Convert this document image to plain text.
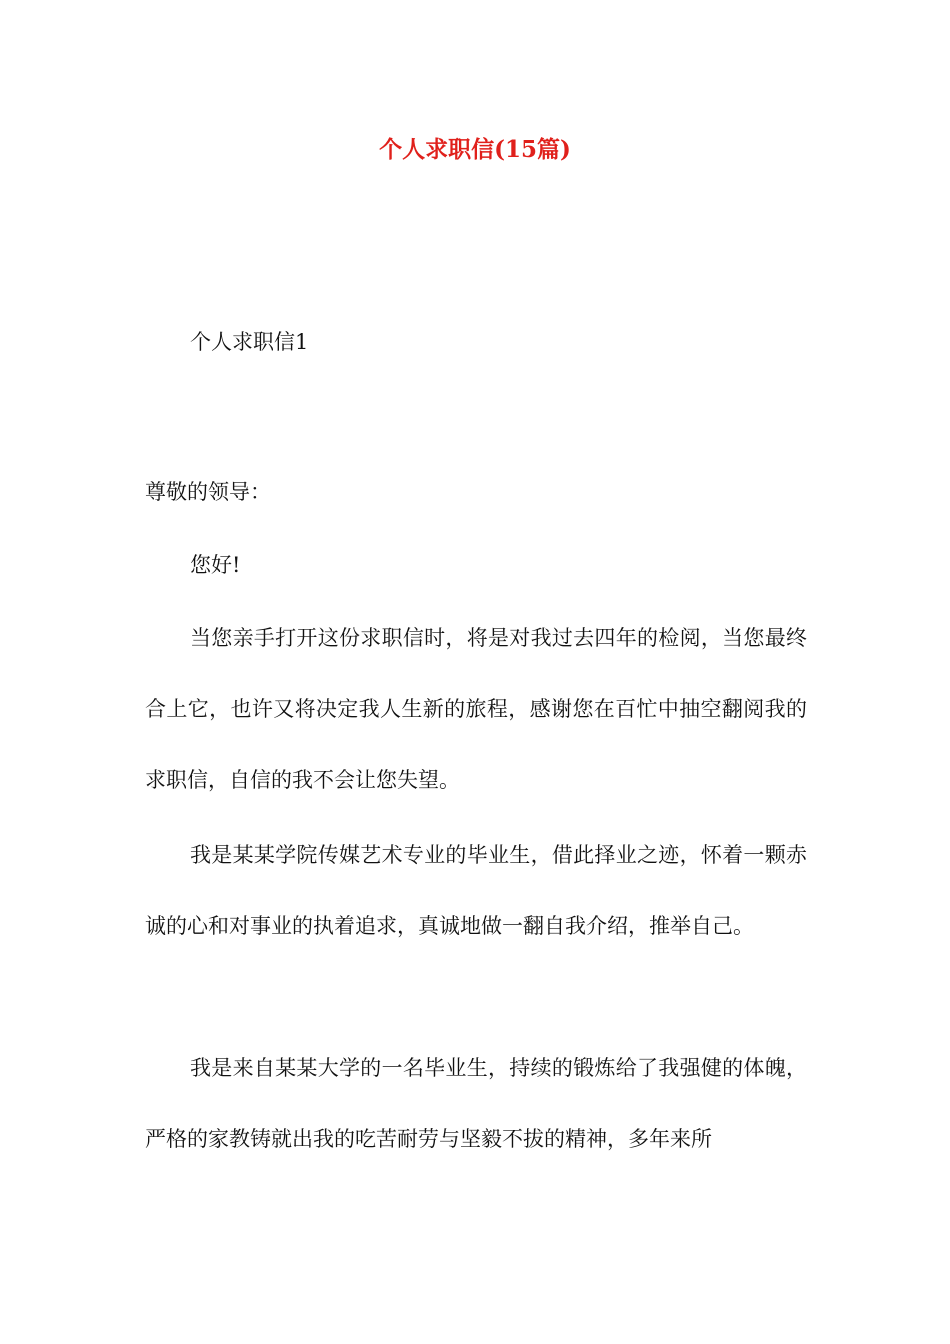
个人求职信(15篇)

个人求职信1

尊敬的领导：

您好!

当您亲手打开这份求职信时，将是对我过去四年的检阅，当您最终合上它，也许又将决定我人生新的旅程，感谢您在百忙中抽空翻阅我的求职信，自信的我不会让您失望。

我是某某学院传媒艺术专业的毕业生，借此择业之迹，怀着一颗赤诚的心和对事业的执着追求，真诚地做一翻自我介绍，推举自己。

我是来自某某大学的一名毕业生，持续的锻炼给了我强健的体魄，严格的家教铸就出我的吃苦耐劳与坚毅不拔的精神，多年来所
